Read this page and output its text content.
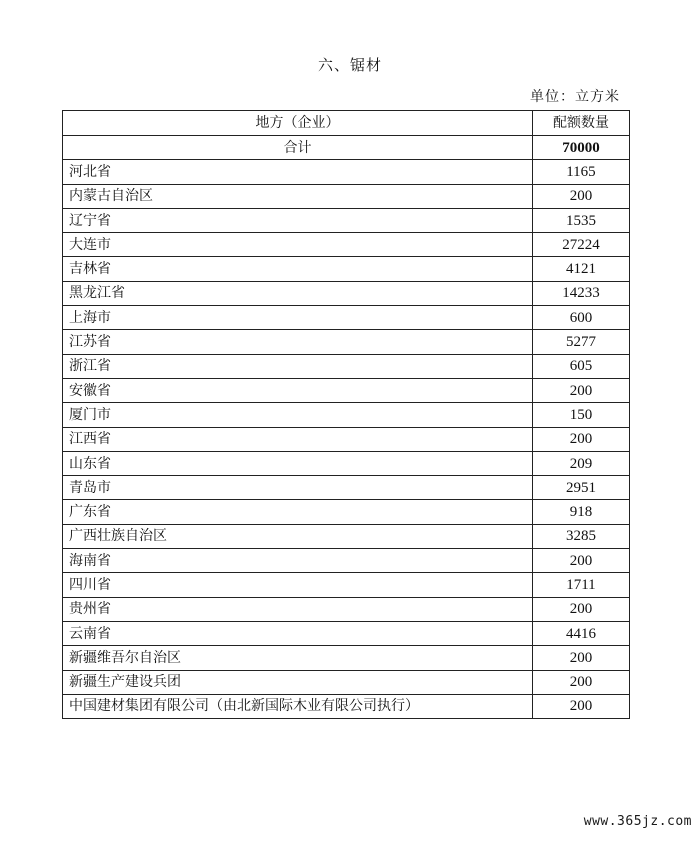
六、锯材
单位：立方米
地方（企业）	配额数量
合计	70000
河北省	1165
内蒙古自治区	200
辽宁省	1535
大连市	27224
吉林省	4121
黑龙江省	14233
上海市	600
江苏省	5277
浙江省	605
安徽省	200
厦门市	150
江西省	200
山东省	209
青岛市	2951
广东省	918
广西壮族自治区	3285
海南省	200
四川省	1711
贵州省	200
云南省	4416
新疆维吾尔自治区	200
新疆生产建设兵团	200
中国建材集团有限公司（由北新国际木业有限公司执行）	200
www.365jz.com
